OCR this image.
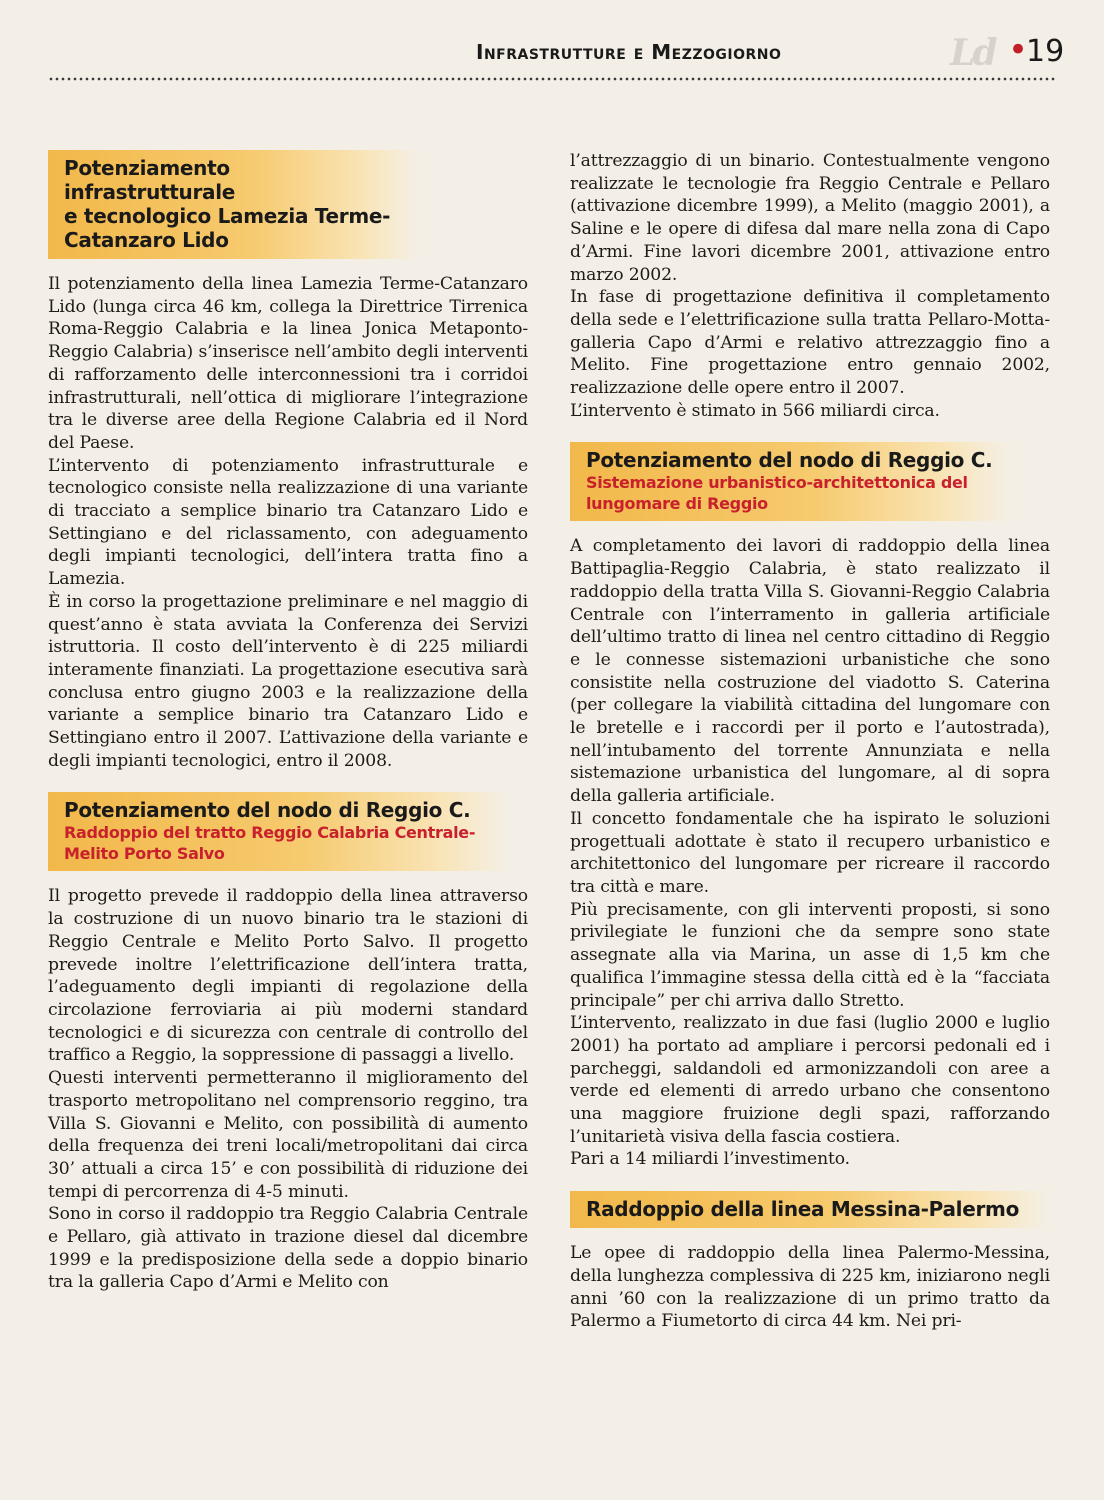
Infrastrutture e Mezzogiorno	Ld •
19
Potenziamento infrastrutturale
e tecnologico Lamezia Terme-
Catanzaro Lido

Il potenziamento della linea Lamezia Terme-Catanzaro Lido (lunga circa 46 km, collega la Direttrice Tirrenica Roma-Reggio Calabria e la linea Jonica Metaponto-Reggio Calabria) s’inserisce nell’ambito degli interventi di rafforzamento delle interconnessioni tra i corridoi infrastrutturali, nell’ottica di migliorare l’integrazione tra le diverse aree della Regione Calabria ed il Nord del Paese.

L’intervento di potenziamento infrastrutturale e tecnologico consiste nella realizzazione di una variante di tracciato a semplice binario tra Catanzaro Lido e Settingiano e del riclassamento, con adeguamento degli impianti tecnologici, dell’intera tratta fino a Lamezia.

È in corso la progettazione preliminare e nel maggio di quest’anno è stata avviata la Conferenza dei Servizi istruttoria. Il costo dell’intervento è di 225 miliardi interamente finanziati. La progettazione esecutiva sarà conclusa entro giugno 2003 e la realizzazione della variante a semplice binario tra Catanzaro Lido e Settingiano entro il 2007. L’attivazione della variante e degli impianti tecnologici, entro il 2008.

Potenziamento del nodo di Reggio C.
Raddoppio del tratto Reggio Calabria Centrale-
Melito Porto Salvo

Il progetto prevede il raddoppio della linea attraverso la costruzione di un nuovo binario tra le stazioni di Reggio Centrale e Melito Porto Salvo. Il progetto prevede inoltre l’elettrificazione dell’intera tratta, l’adeguamento degli impianti di regolazione della circolazione ferroviaria ai più moderni standard tecnologici e di sicurezza con centrale di controllo del traffico a Reggio, la soppressione di passaggi a livello.

Questi interventi permetteranno il miglioramento del trasporto metropolitano nel comprensorio reggino, tra Villa S. Giovanni e Melito, con possibilità di aumento della frequenza dei treni locali/metropolitani dai circa 30’ attuali a circa 15’ e con possibilità di riduzione dei tempi di percorrenza di 4-5 minuti.

Sono in corso il raddoppio tra Reggio Calabria Centrale e Pellaro, già attivato in trazione diesel dal dicembre 1999 e la predisposizione della sede a doppio binario tra la galleria Capo d’Armi e Melito con

l’attrezzaggio di un binario. Contestualmente vengono realizzate le tecnologie fra Reggio Centrale e Pellaro (attivazione dicembre 1999), a Melito (maggio 2001), a Saline e le opere di difesa dal mare nella zona di Capo d’Armi. Fine lavori dicembre 2001, attivazione entro marzo 2002.

In fase di progettazione definitiva il completamento della sede e l’elettrificazione sulla tratta Pellaro-Motta-galleria Capo d’Armi e relativo attrezzaggio fino a Melito. Fine progettazione entro gennaio 2002, realizzazione delle opere entro il 2007.

L’intervento è stimato in 566 miliardi circa.

Potenziamento del nodo di Reggio C.
Sistemazione urbanistico-architettonica del
lungomare di Reggio

A completamento dei lavori di raddoppio della linea Battipaglia-Reggio Calabria, è stato realizzato il raddoppio della tratta Villa S. Giovanni-Reggio Calabria Centrale con l’interramento in galleria artificiale dell’ultimo tratto di linea nel centro cittadino di Reggio e le connesse sistemazioni urbanistiche che sono consistite nella costruzione del viadotto S. Caterina (per collegare la viabilità cittadina del lungomare con le bretelle e i raccordi per il porto e l’autostrada), nell’intubamento del torrente Annunziata e nella sistemazione urbanistica del lungomare, al di sopra della galleria artificiale.

Il concetto fondamentale che ha ispirato le soluzioni progettuali adottate è stato il recupero urbanistico e architettonico del lungomare per ricreare il raccordo tra città e mare.

Più precisamente, con gli interventi proposti, si sono privilegiate le funzioni che da sempre sono state assegnate alla via Marina, un asse di 1,5 km che qualifica l’immagine stessa della città ed è la “facciata principale” per chi arriva dallo Stretto.

L’intervento, realizzato in due fasi (luglio 2000 e luglio 2001) ha portato ad ampliare i percorsi pedonali ed i parcheggi, saldandoli ed armonizzandoli con aree a verde ed elementi di arredo urbano che consentono una maggiore fruizione degli spazi, rafforzando l’unitarietà visiva della fascia costiera.

Pari a 14 miliardi l’investimento.

Raddoppio della linea Messina-Palermo

Le opee di raddoppio della linea Palermo-Messina, della lunghezza complessiva di 225 km, iniziarono negli anni ’60 con la realizzazione di un primo tratto da Palermo a Fiumetorto di circa 44 km. Nei pri-
